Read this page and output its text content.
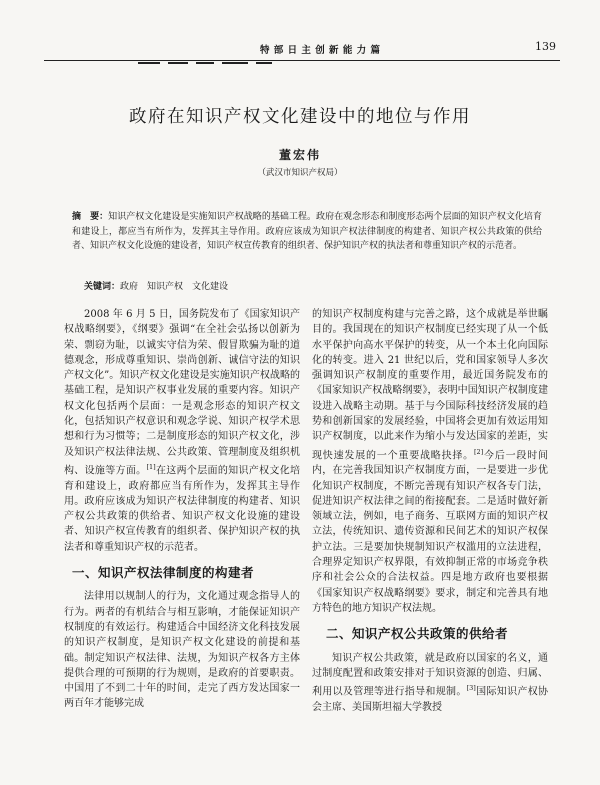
特 部 日 主 创 新 能 力 篇	139
政府在知识产权文化建设中的地位与作用
董宏伟
（武汉市知识产权局）
摘　要：知识产权文化建设是实施知识产权战略的基础工程。政府在观念形态和制度形态两个层面的知识产权文化培育和建设上，都应当有所作为，发挥其主导作用。政府应该成为知识产权法律制度的构建者、知识产权公共政策的供给者、知识产权文化设施的建设者，知识产权宣传教育的组织者、保护知识产权的执法者和尊重知识产权的示范者。
关键词：政府　知识产权　文化建设

2008 年 6 月 5 日，国务院发布了《国家知识产权战略纲要》，《纲要》强调“在全社会弘扬以创新为荣、剽窃为耻，以诚实守信为荣、假冒欺骗为耻的道德观念，形成尊重知识、崇尚创新、诚信守法的知识产权文化”。知识产权文化建设是实施知识产权战略的基础工程，是知识产权事业发展的重要内容。知识产权文化包括两个层面：一是观念形态的知识产权文化，包括知识产权意识和观念学说、知识产权学术思想和行为习惯等；二是制度形态的知识产权文化，涉及知识产权法律法规、公共政策、管理制度及组织机构、设施等方面。[1]在这两个层面的知识产权文化培育和建设上，政府都应当有所作为，发挥其主导作用。政府应该成为知识产权法律制度的构建者、知识产权公共政策的供给者、知识产权文化设施的建设者、知识产权宣传教育的组织者、保护知识产权的执法者和尊重知识产权的示范者。

一、知识产权法律制度的构建者

法律用以规制人的行为，文化通过观念指导人的行为。两者的有机结合与相互影响，才能保证知识产权制度的有效运行。构建适合中国经济文化科技发展的知识产权制度，是知识产权文化建设的前提和基础。制定知识产权法律、法规，为知识产权各方主体提供合理的可预期的行为规则，是政府的首要职责。中国用了不到二十年的时间，走完了西方发达国家一两百年才能够完成

的知识产权制度构建与完善之路，这个成就是举世瞩目的。我国现在的知识产权制度已经实现了从一个低水平保护向高水平保护的转变，从一个本土化向国际化的转变。进入 21 世纪以后，党和国家领导人多次强调知识产权制度的重要作用，最近国务院发布的《国家知识产权战略纲要》，表明中国知识产权制度建设进入战略主动期。基于与今国际科技经济发展的趋势和创新国家的发展经验，中国将会更加有效运用知识产权制度，以此来作为缩小与发达国家的差距，实现快速发展的一个重要战略抉择。[2]今后一段时间内，在完善我国知识产权制度方面，一是要进一步优化知识产权制度，不断完善现有知识产权各专门法，促进知识产权法律之间的衔接配套。二是适时做好新领域立法，例如，电子商务、互联网方面的知识产权立法，传统知识、遗传资源和民间艺术的知识产权保护立法。三是要加快规制知识产权滥用的立法进程，合理界定知识产权界限，有效抑制正常的市场竞争秩序和社会公众的合法权益。四是地方政府也要根据《国家知识产权战略纲要》要求，制定和完善具有地方特色的地方知识产权法规。

二、知识产权公共政策的供给者

知识产权公共政策，就是政府以国家的名义，通过制度配置和政策安排对于知识资源的创造、归属、利用以及管理等进行指导和规制。[3]国际知识产权协会主席、美国斯坦福大学教授
